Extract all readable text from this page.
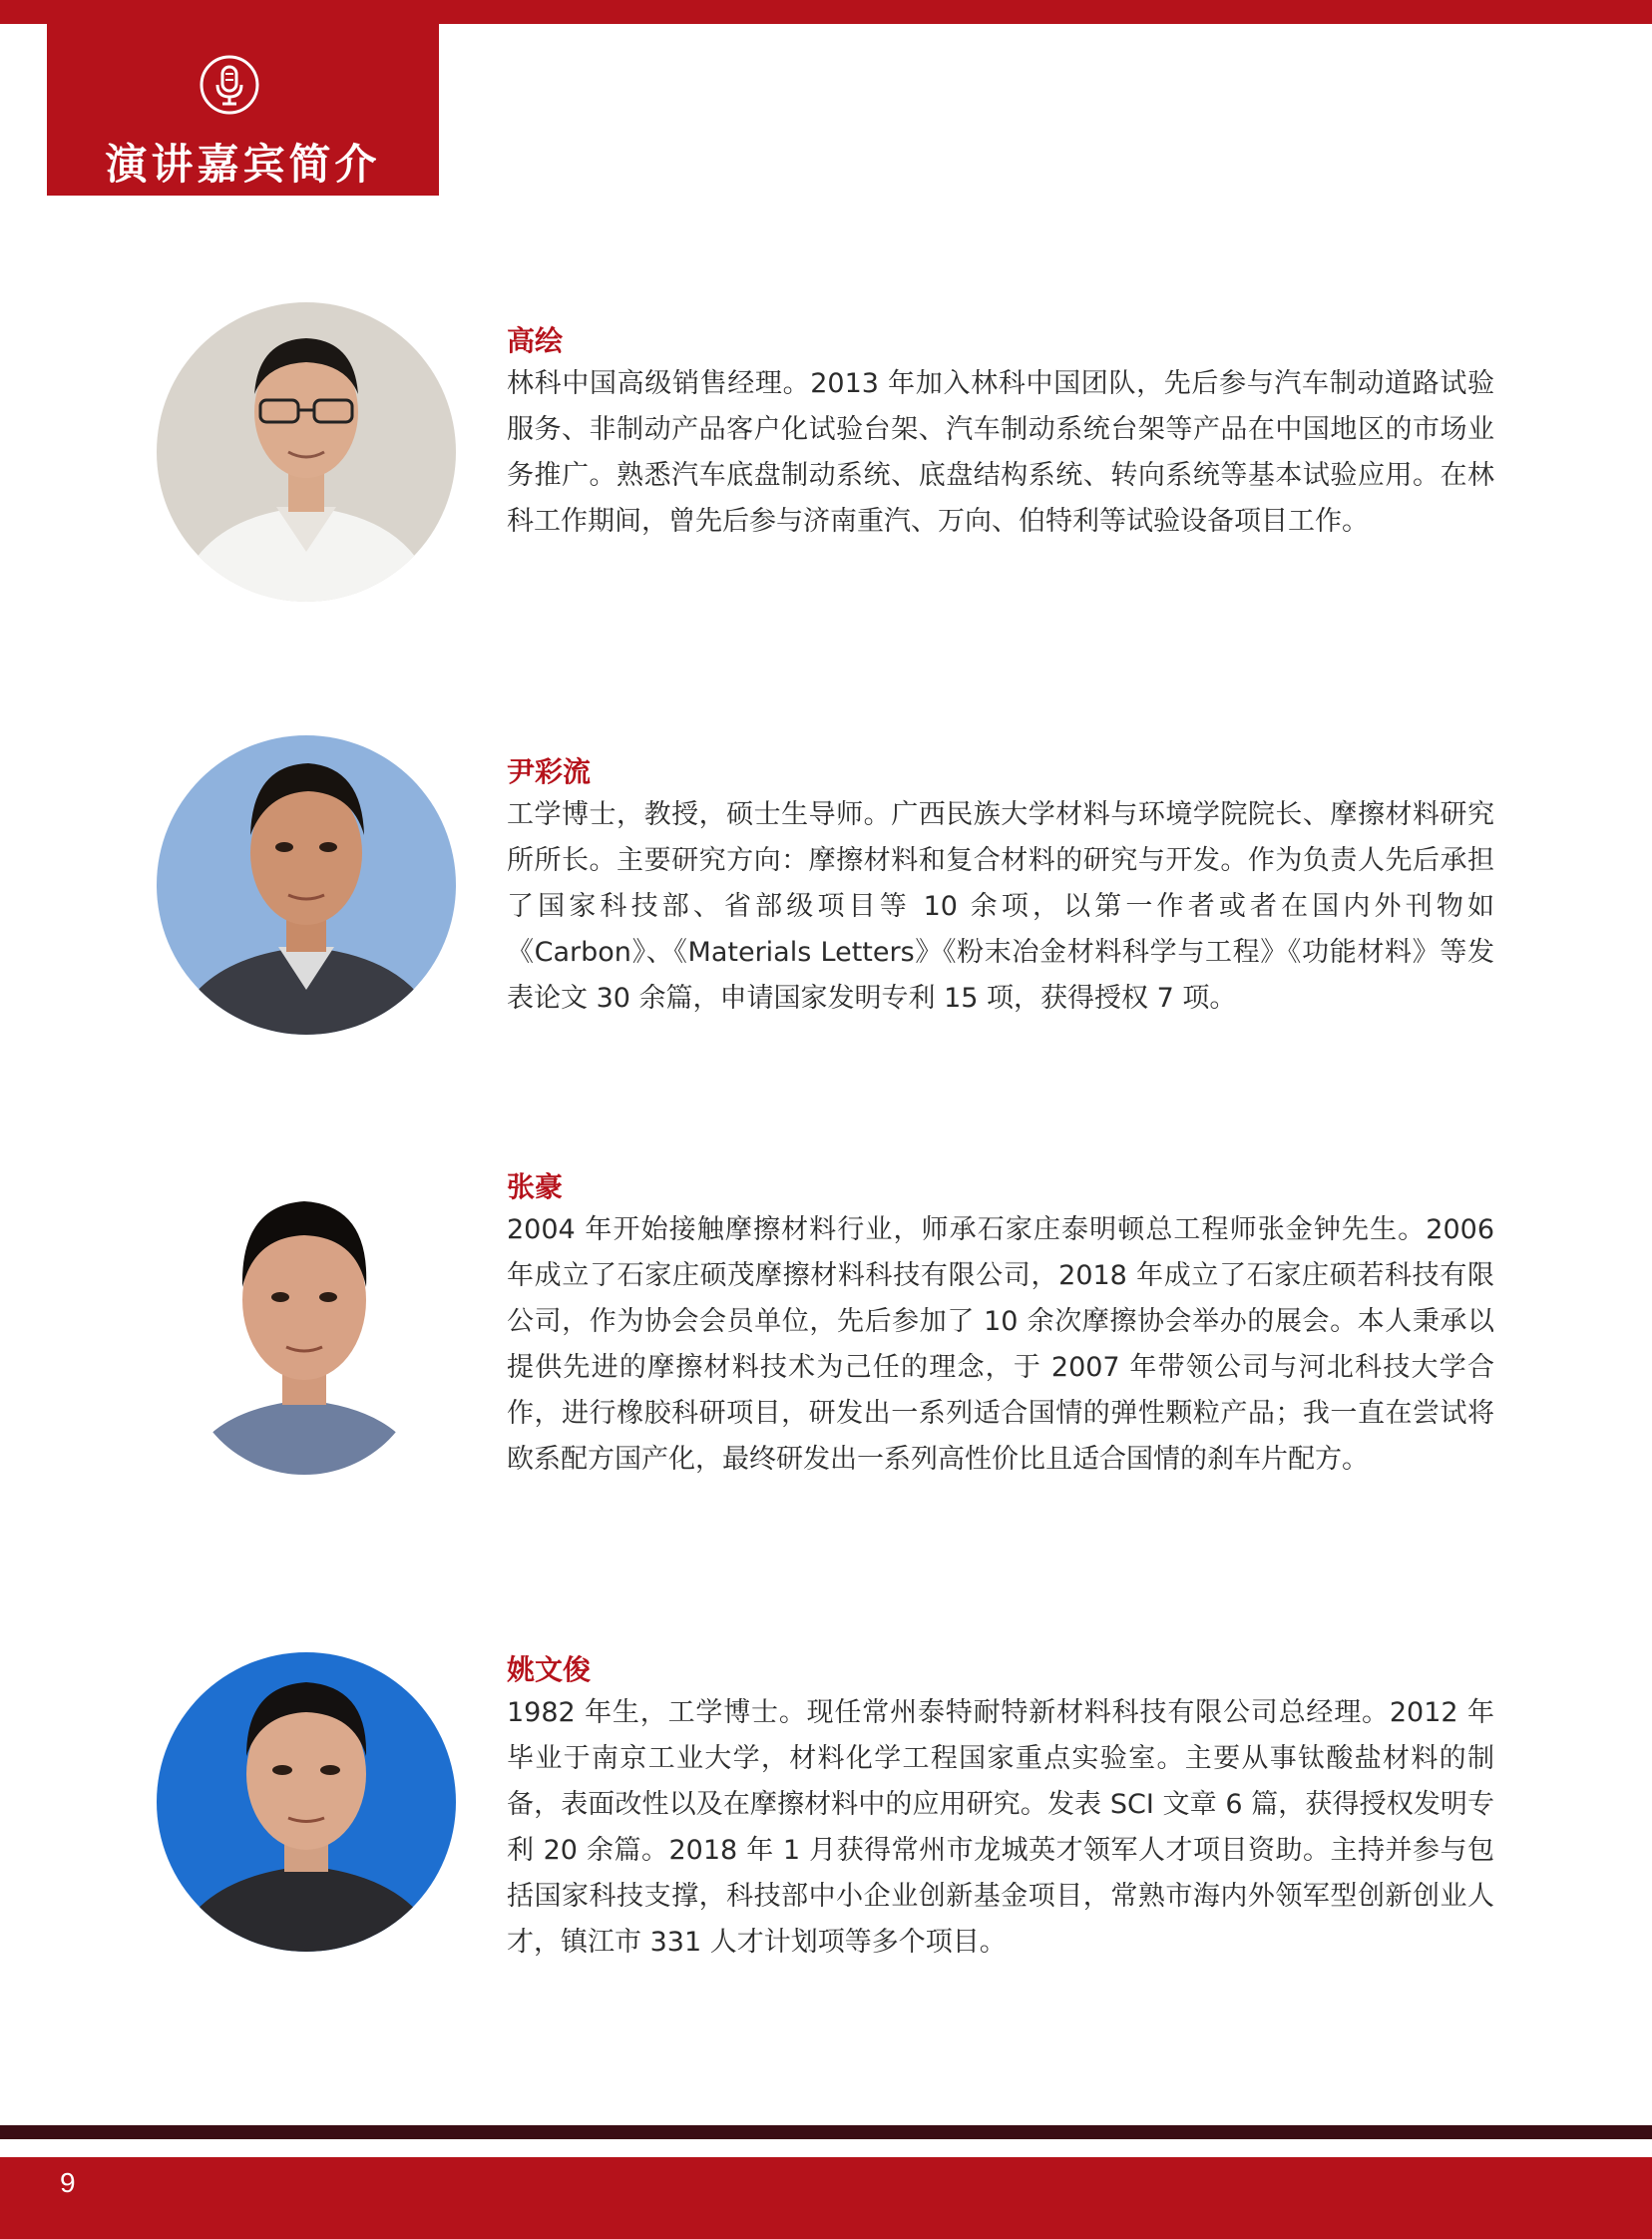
演讲嘉宾简介
高绘
林科中国高级销售经理。2013 年加入林科中国团队，先后参与汽车制动道路试验服务、非制动产品客户化试验台架、汽车制动系统台架等产品在中国地区的市场业务推广。熟悉汽车底盘制动系统、底盘结构系统、转向系统等基本试验应用。在林科工作期间，曾先后参与济南重汽、万向、伯特利等试验设备项目工作。
尹彩流
工学博士，教授，硕士生导师。广西民族大学材料与环境学院院长、摩擦材料研究所所长。主要研究方向：摩擦材料和复合材料的研究与开发。作为负责人先后承担了国家科技部、省部级项目等 10 余项，以第一作者或者在国内外刊物如《Carbon》、《Materials Letters》《粉末冶金材料科学与工程》《功能材料》等发表论文 30 余篇，申请国家发明专利 15 项，获得授权 7 项。
张豪
2004 年开始接触摩擦材料行业，师承石家庄泰明顿总工程师张金钟先生。2006 年成立了石家庄硕茂摩擦材料科技有限公司，2018 年成立了石家庄硕若科技有限公司，作为协会会员单位，先后参加了 10 余次摩擦协会举办的展会。本人秉承以提供先进的摩擦材料技术为己任的理念，于 2007 年带领公司与河北科技大学合作，进行橡胶科研项目，研发出一系列适合国情的弹性颗粒产品；我一直在尝试将欧系配方国产化，最终研发出一系列高性价比且适合国情的刹车片配方。
姚文俊
1982 年生，工学博士。现任常州泰特耐特新材料科技有限公司总经理。2012 年毕业于南京工业大学，材料化学工程国家重点实验室。主要从事钛酸盐材料的制备，表面改性以及在摩擦材料中的应用研究。发表 SCI 文章 6 篇，获得授权发明专利 20 余篇。2018 年 1 月获得常州市龙城英才领军人才项目资助。主持并参与包括国家科技支撑，科技部中小企业创新基金项目，常熟市海内外领军型创新创业人才，镇江市 331 人才计划项等多个项目。
9
